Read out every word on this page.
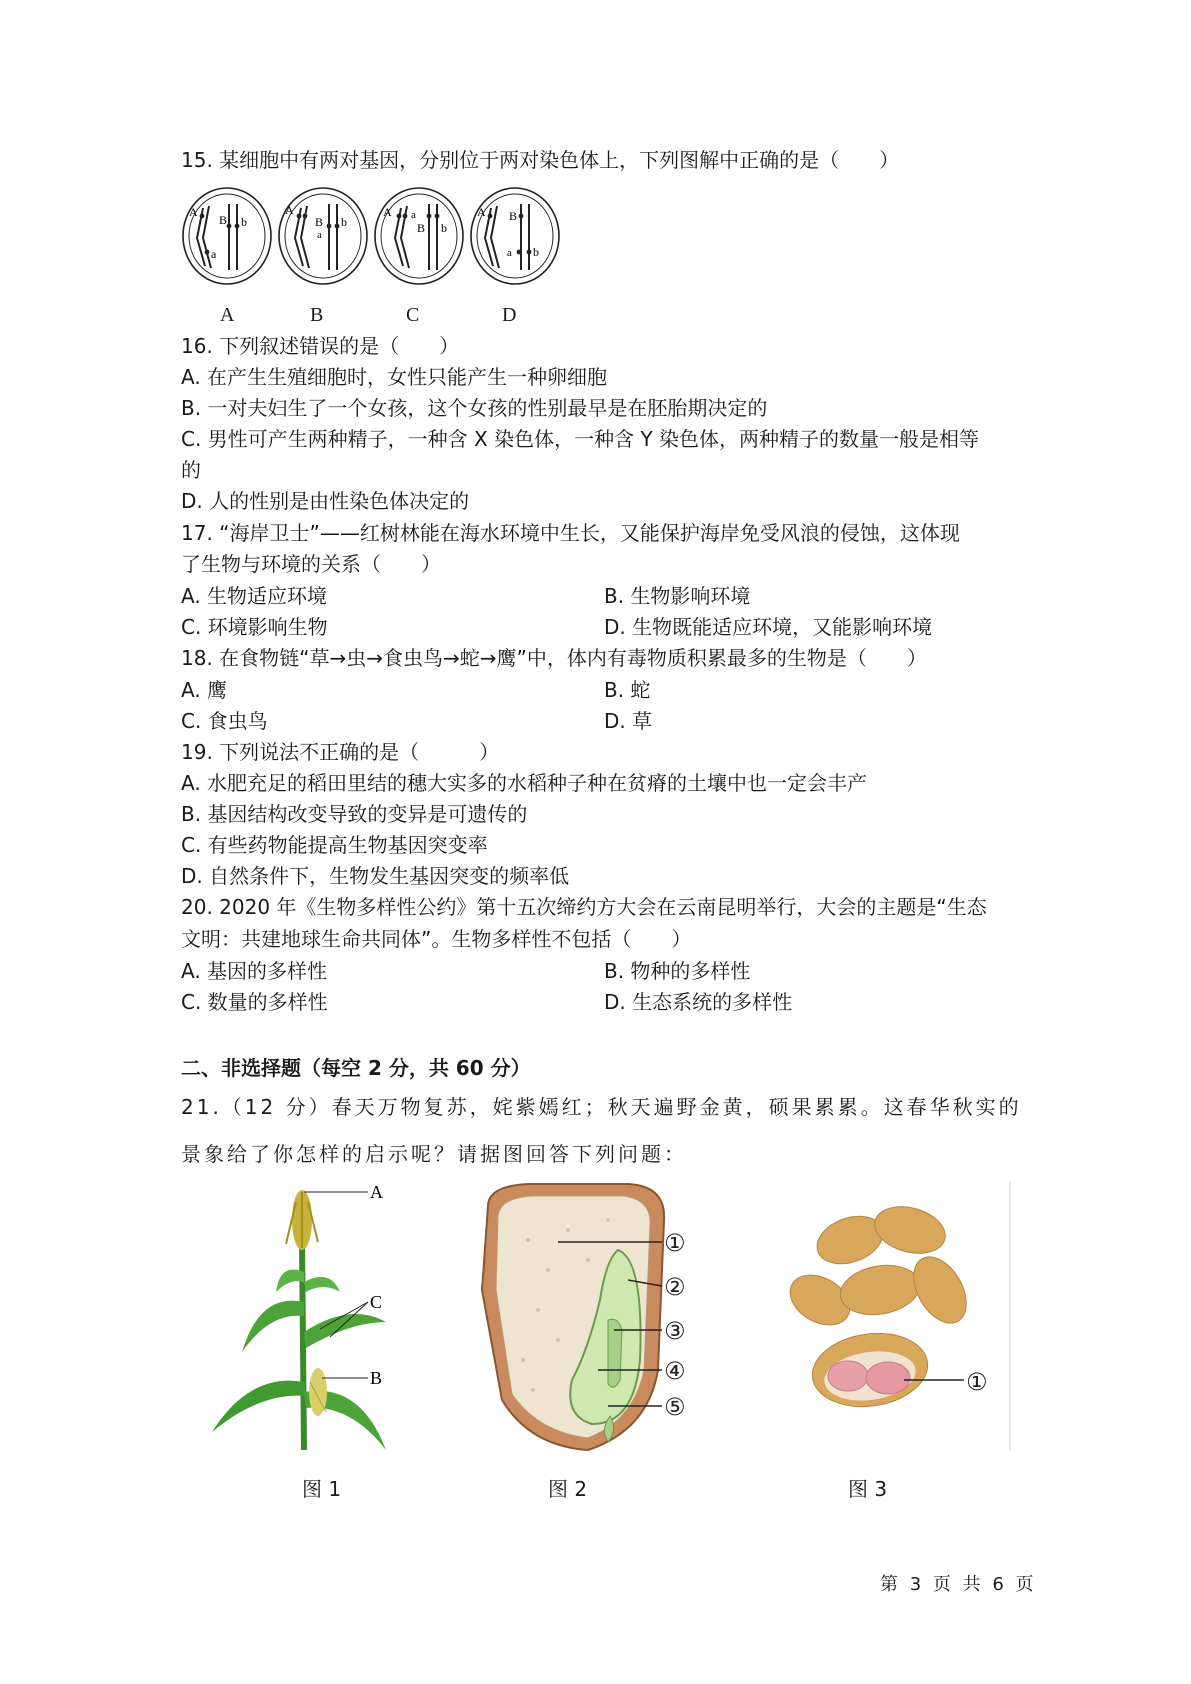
15. 某细胞中有两对基因，分别位于两对染色体上，下列图解中正确的是（　　）
A
a
B b
A
a
B b
A a
B b
A
a
B
b
A	B	C	D
16. 下列叙述错误的是（　　）
A. 在产生生殖细胞时，女性只能产生一种卵细胞
B. 一对夫妇生了一个女孩，这个女孩的性别最早是在胚胎期决定的
C. 男性可产生两种精子，一种含 X 染色体，一种含 Y 染色体，两种精子的数量一般是相等
的
D. 人的性别是由性染色体决定的
17. “海岸卫士”——红树林能在海水环境中生长，又能保护海岸免受风浪的侵蚀，这体现
了生物与环境的关系（　　）
A. 生物适应环境	B. 生物影响环境
C. 环境影响生物	D. 生物既能适应环境，又能影响环境
18. 在食物链“草→虫→食虫鸟→蛇→鹰”中，体内有毒物质积累最多的生物是（　　）
A. 鹰	B. 蛇
C. 食虫鸟	D. 草
19. 下列说法不正确的是（　　　）
A. 水肥充足的稻田里结的穗大实多的水稻种子种在贫瘠的土壤中也一定会丰产
B. 基因结构改变导致的变异是可遗传的
C. 有些药物能提高生物基因突变率
D. 自然条件下，生物发生基因突变的频率低
20. 2020 年《生物多样性公约》第十五次缔约方大会在云南昆明举行，大会的主题是“生态
文明：共建地球生命共同体”。生物多样性不包括（　　）
A. 基因的多样性	B. 物种的多样性
C. 数量的多样性	D. 生态系统的多样性
二、非选择题（每空 2 分，共 60 分）
21.（12 分）春天万物复苏，姹紫嫣红；秋天遍野金黄，硕果累累。这春华秋实的
景象给了你怎样的启示呢？请据图回答下列问题：
A
C
B
①
②
③
④
⑤
①
图 1	图 2	图 3
第 3 页 共 6 页
